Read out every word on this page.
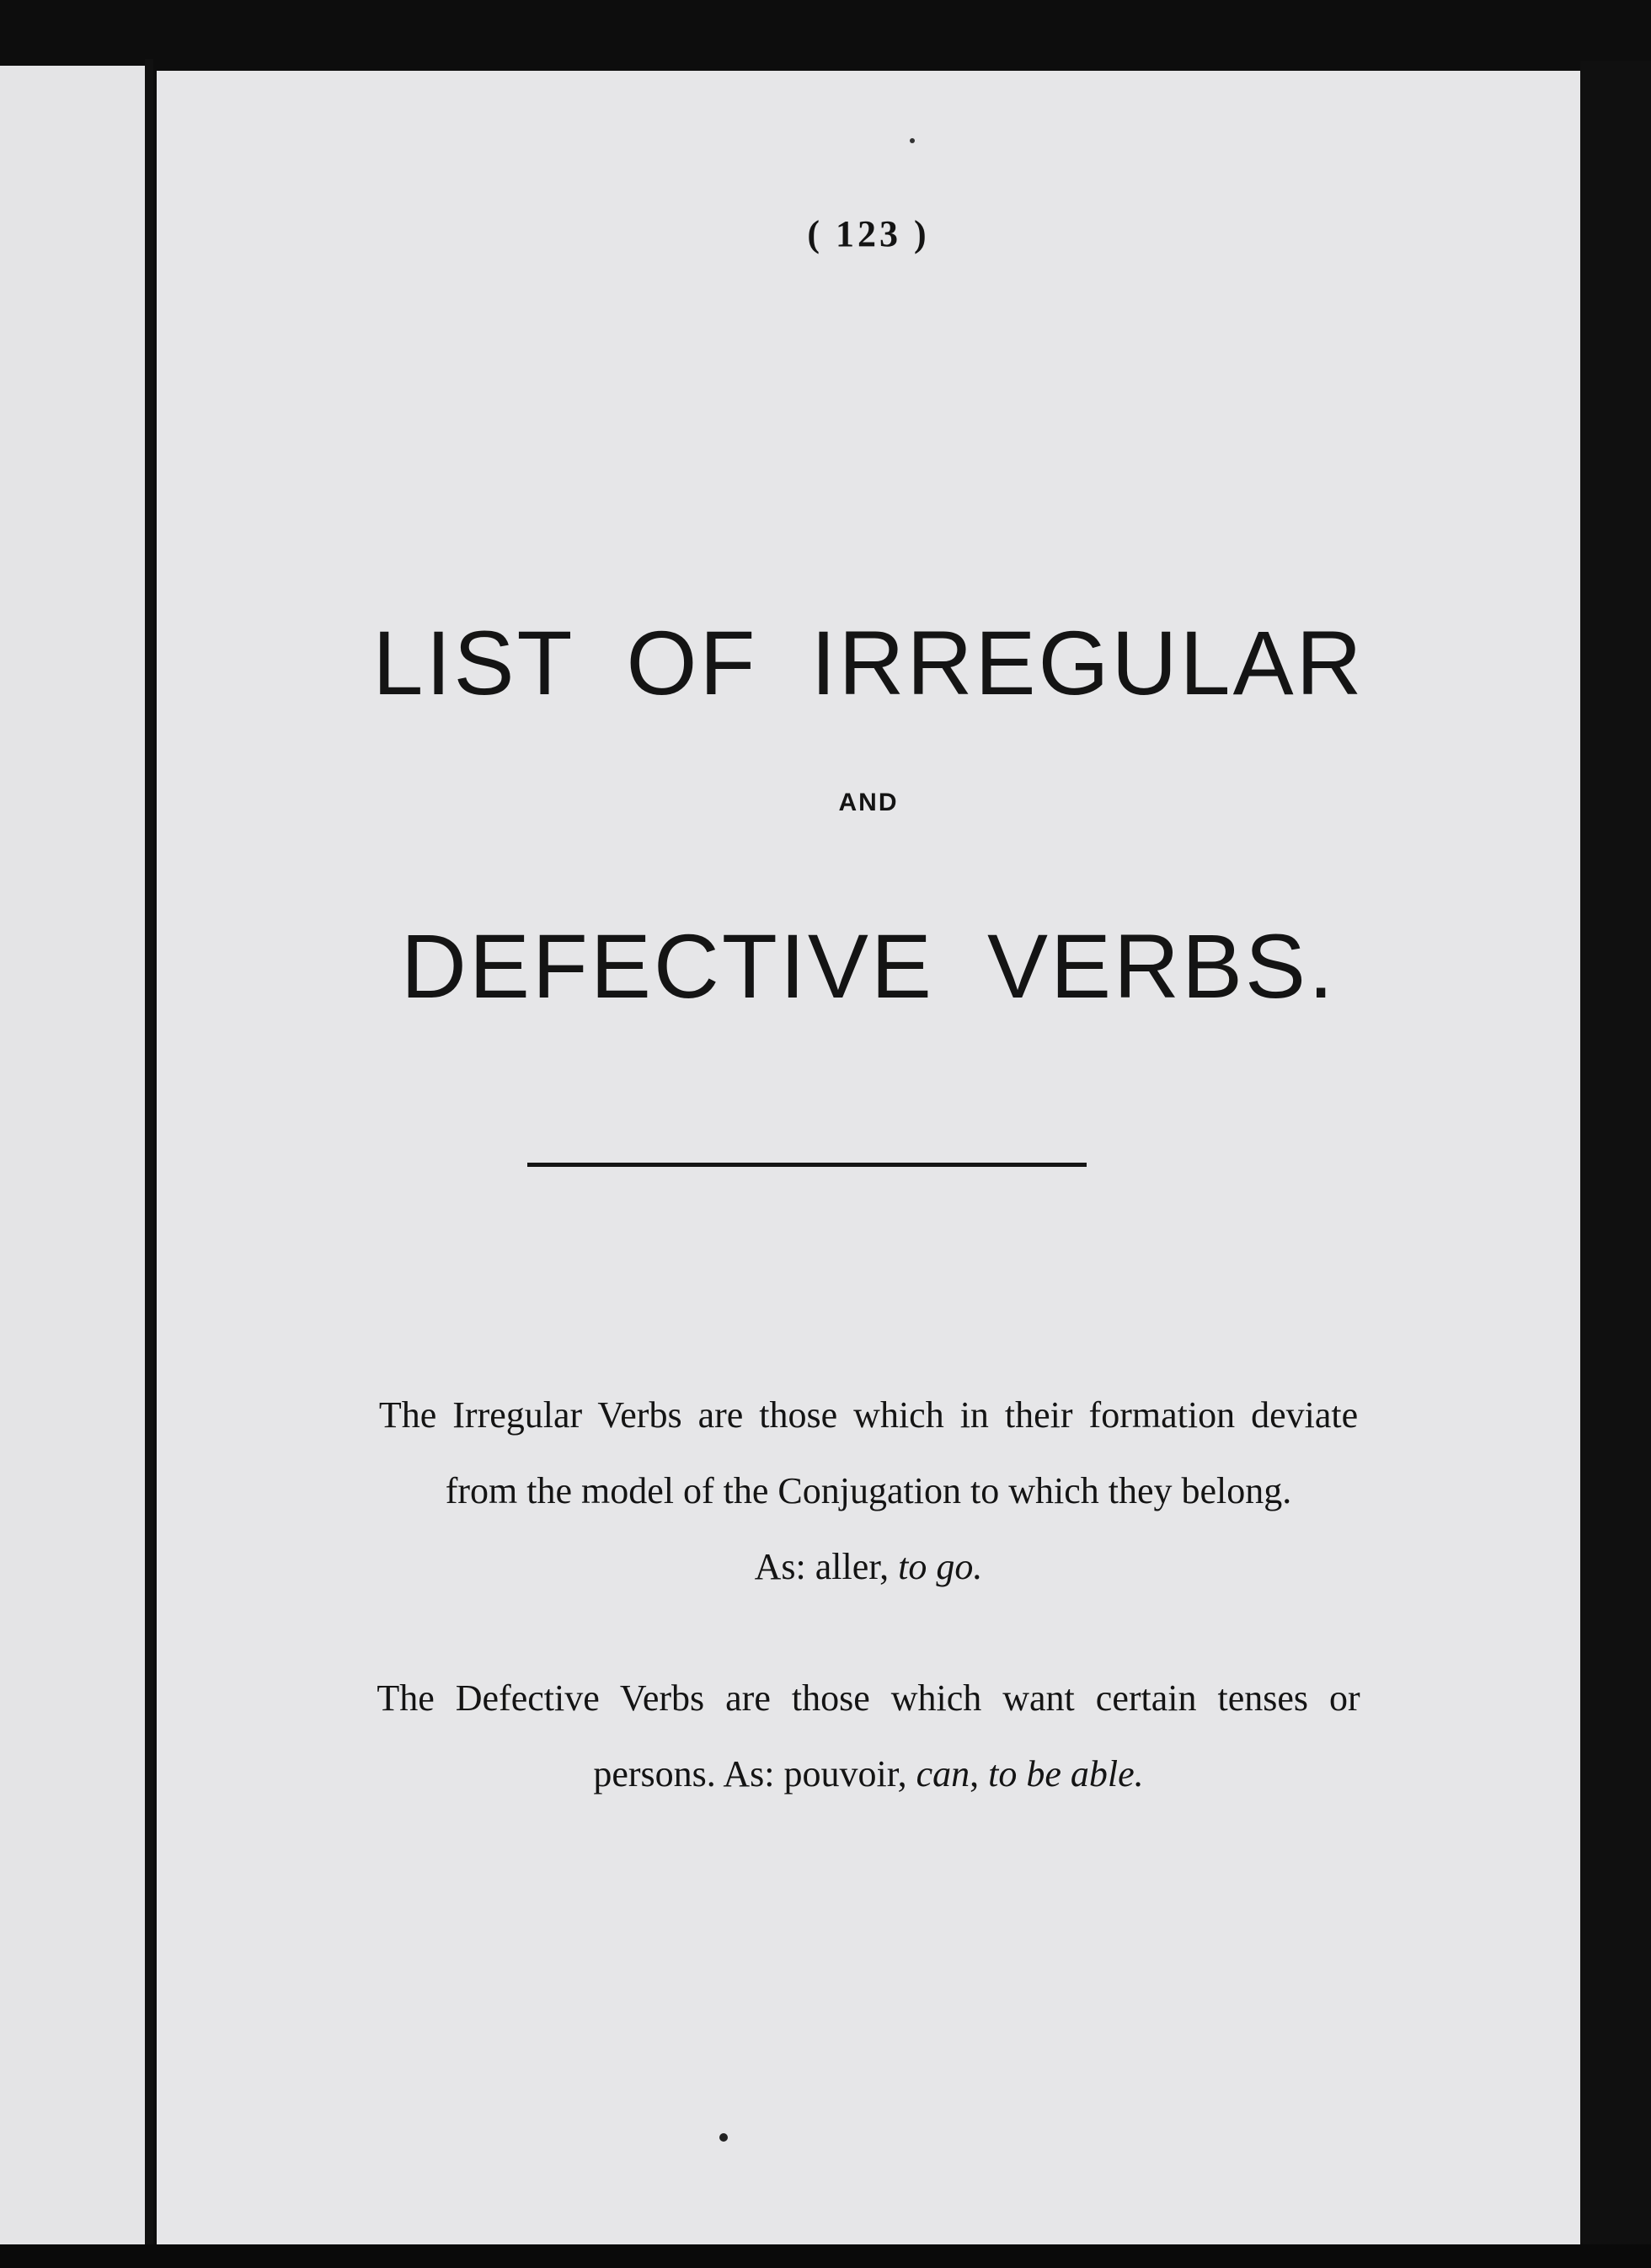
( 123 )
LIST OF IRREGULAR
AND
DEFECTIVE VERBS.
The Irregular Verbs are those which in their formation deviate
from the model of the Conjugation to which they belong.
As: aller, to go.
The Defective Verbs are those which want certain tenses or
persons. As: pouvoir, can, to be able.
